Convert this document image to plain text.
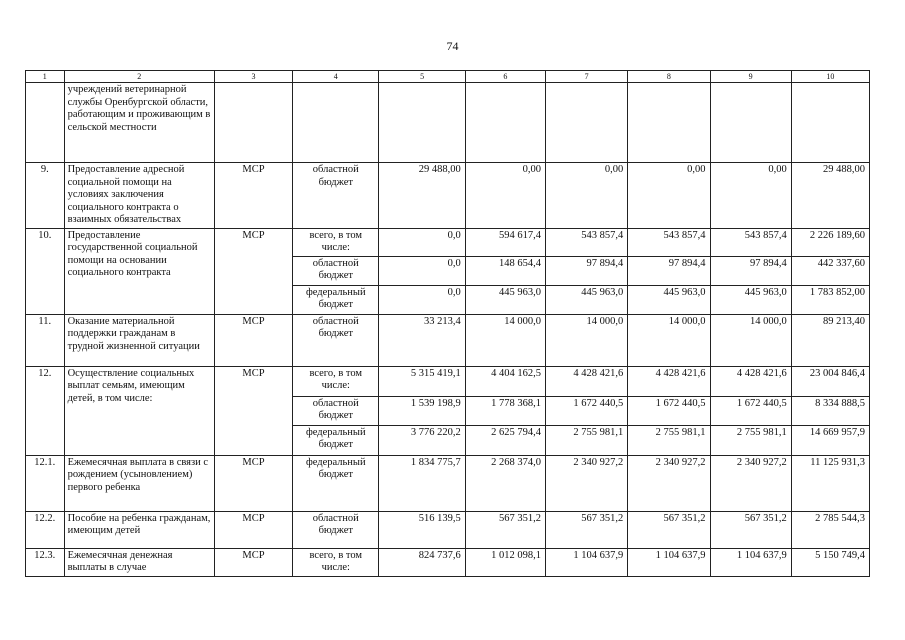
74
1	2	3	4	5	6	7	8	9	10
	учреждений ветеринарной службы Оренбургской области, работающим и проживающим в сельской местности								
9.	Предоставление адресной социальной помощи на условиях заключения социального контракта о взаимных обязательствах	МСР	областной бюджет	29 488,00	0,00	0,00	0,00	0,00	29 488,00
10.	Предоставление государственной социальной помощи на основании социального контракта	МСР	всего, в том числе:	0,0	594 617,4	543 857,4	543 857,4	543 857,4	2 226 189,60
			областной бюджет	0,0	148 654,4	97 894,4	97 894,4	97 894,4	442 337,60
			федеральный бюджет	0,0	445 963,0	445 963,0	445 963,0	445 963,0	1 783 852,00
11.	Оказание материальной поддержки гражданам в трудной жизненной ситуации	МСР	областной бюджет	33 213,4	14 000,0	14 000,0	14 000,0	14 000,0	89 213,40
12.	Осуществление социальных выплат семьям, имеющим детей, в том числе:	МСР	всего, в том числе:	5 315 419,1	4 404 162,5	4 428 421,6	4 428 421,6	4 428 421,6	23 004 846,4
			областной бюджет	1 539 198,9	1 778 368,1	1 672 440,5	1 672 440,5	1 672 440,5	8 334 888,5
			федеральный бюджет	3 776 220,2	2 625 794,4	2 755 981,1	2 755 981,1	2 755 981,1	14 669 957,9
12.1.	Ежемесячная выплата в связи с рождением (усыновлением) первого ребенка	МСР	федеральный бюджет	1 834 775,7	2 268 374,0	2 340 927,2	2 340 927,2	2 340 927,2	11 125 931,3
12.2.	Пособие на ребенка гражданам, имеющим детей	МСР	областной бюджет	516 139,5	567 351,2	567 351,2	567 351,2	567 351,2	2 785 544,3
12.3.	Ежемесячная денежная выплаты в случае	МСР	всего, в том числе:	824 737,6	1 012 098,1	1 104 637,9	1 104 637,9	1 104 637,9	5 150 749,4
